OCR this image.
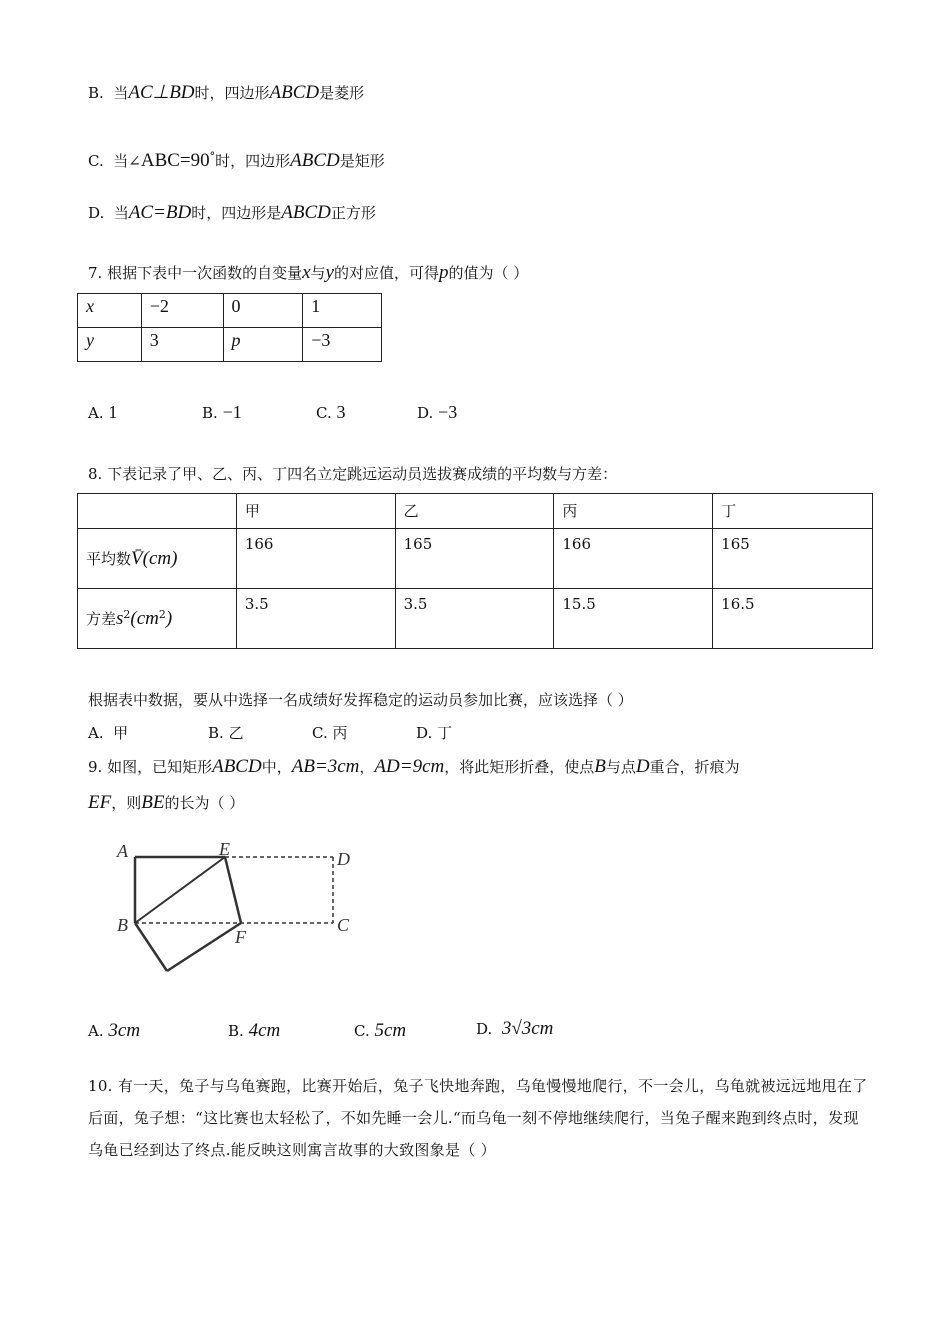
B. 当AC⊥BD时，四边形ABCD是菱形
C. 当∠ABC=90°时，四边形ABCD是矩形
D. 当AC=BD时，四边形是ABCD正方形
7. 根据下表中一次函数的自变量x与y的对应值，可得p的值为（ ）
x	−2	0	1
y	3	p	−3
A. 1	B. −1	C. 3	D. −3
8. 下表记录了甲、乙、丙、丁四名立定跳远运动员选拔赛成绩的平均数与方差：
	甲	乙	丙	丁
平均数V̄(cm)	166	165	166	165
方差$s^2(cm^2)$	3.5	3.5	15.5	16.5
根据表中数据，要从中选择一名成绩好发挥稳定的运动员参加比赛，应该选择（ ）
A. 甲	B. 乙	C. 丙	D. 丁
9. 如图，已知矩形ABCD中，AB=3cm，AD=9cm，将此矩形折叠，使点B与点D重合，折痕为
EF，则BE的长为（ ）
A	E	D
B
F
C
A. 3cm	B. 4cm	C. 5cm	D. 3√3cm
10. 有一天，兔子与乌龟赛跑，比赛开始后，兔子飞快地奔跑，乌龟慢慢地爬行，不一会儿，乌龟就被远远地甩在了后面，兔子想：“这比赛也太轻松了，不如先睡一会儿.“而乌龟一刻不停地继续爬行，当兔子醒来跑到终点时，发现乌龟已经到达了终点.能反映这则寓言故事的大致图象是（ ）
